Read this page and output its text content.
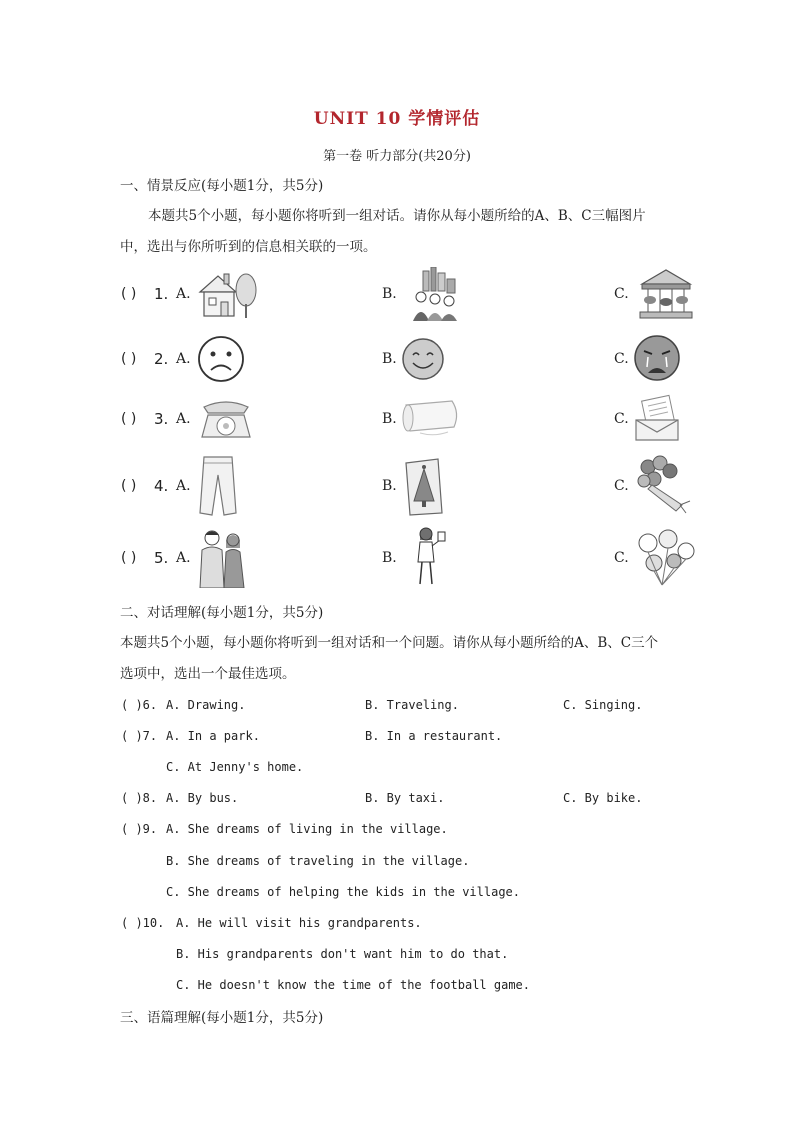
UNIT 10 学情评估
第一卷 听力部分(共20分)
一、情景反应(每小题1分，共5分)
本题共5个小题，每小题你将听到一组对话。请你从每小题所给的A、B、C三幅图片
中，选出与你所听到的信息相关联的一项。
( ) 1. A.	B.	C.
( ) 2. A.	B.	C.
( ) 3. A.	B.	C.
( ) 4. A.	B.	C.
( ) 5. A.	B.	C.
二、对话理解(每小题1分，共5分)
本题共5个小题，每小题你将听到一组对话和一个问题。请你从每小题所给的A、B、C三个
选项中，选出一个最佳选项。
( )6. A. Drawing.	B. Traveling.	C. Singing.
( )7. A. In a park.	B. In a restaurant.
C. At Jenny's home.
( )8. A. By bus.	B. By taxi.	C. By bike.
( )9. A. She dreams of living in the village.
B. She dreams of traveling in the village.
C. She dreams of helping the kids in the village.
( )10. A. He will visit his grandparents.
B. His grandparents don't want him to do that.
C. He doesn't know the time of the football game.
三、语篇理解(每小题1分，共5分)
